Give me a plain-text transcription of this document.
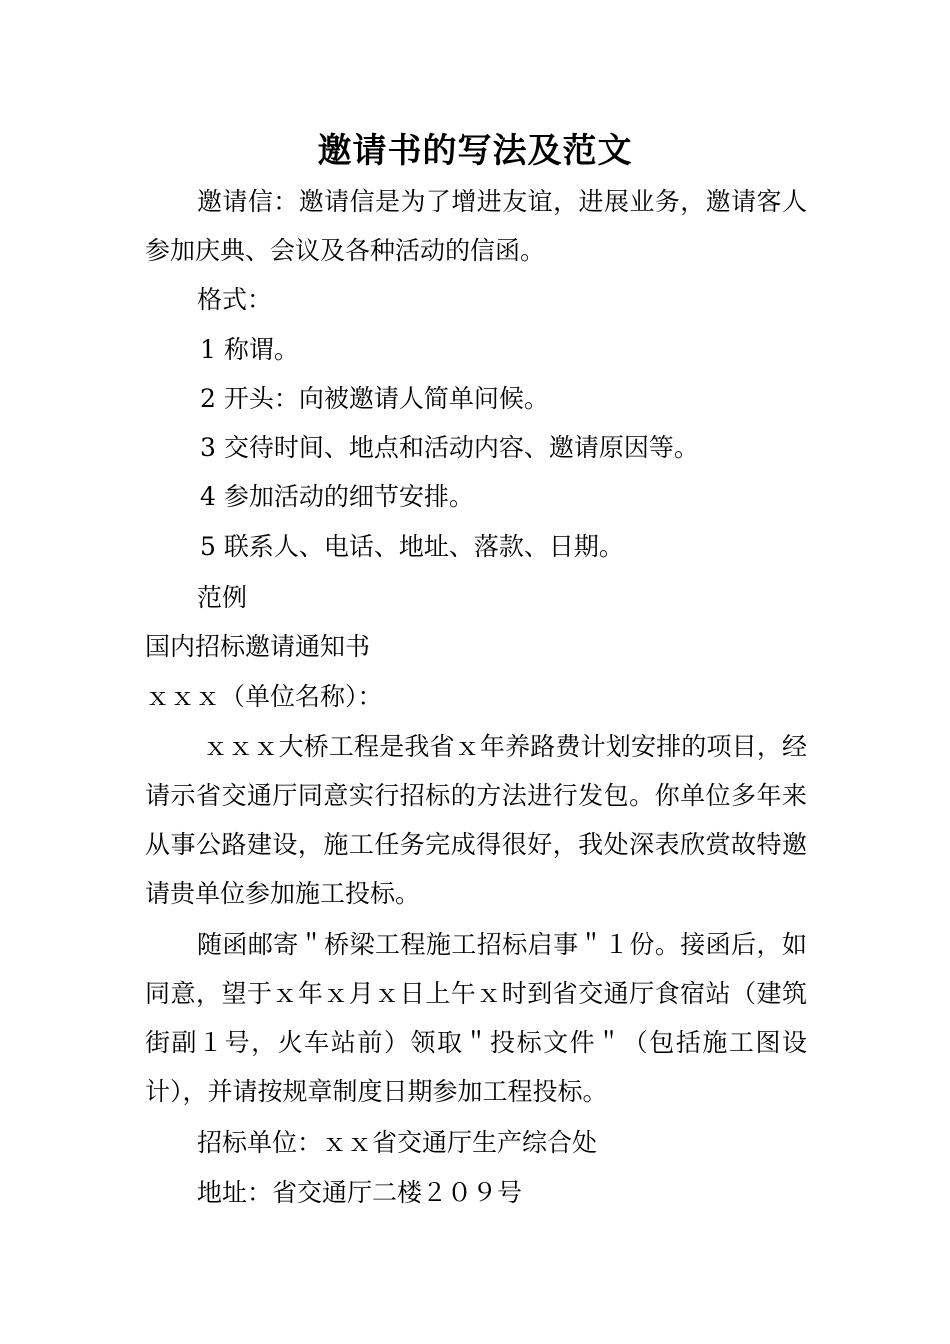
邀请书的写法及范文
邀请信：邀请信是为了增进友谊，进展业务，邀请客人参加庆典、会议及各种活动的信函。
格式：
1 称谓。
2 开头：向被邀请人简单问候。
3 交待时间、地点和活动内容、邀请原因等。
4 参加活动的细节安排。
5 联系人、电话、地址、落款、日期。
范例
国内招标邀请通知书
ｘｘｘ（单位名称）：
ｘｘｘ大桥工程是我省ｘ年养路费计划安排的项目，经请示省交通厅同意实行招标的方法进行发包。你单位多年来从事公路建设，施工任务完成得很好，我处深表欣赏故特邀请贵单位参加施工投标。
随函邮寄＂桥梁工程施工招标启事＂１份。接函后，如同意，望于ｘ年ｘ月ｘ日上午ｘ时到省交通厅食宿站（建筑街副１号，火车站前）领取＂投标文件＂（包括施工图设计），并请按规章制度日期参加工程投标。
招标单位：ｘｘ省交通厅生产综合处
地址：省交通厅二楼２０９号
